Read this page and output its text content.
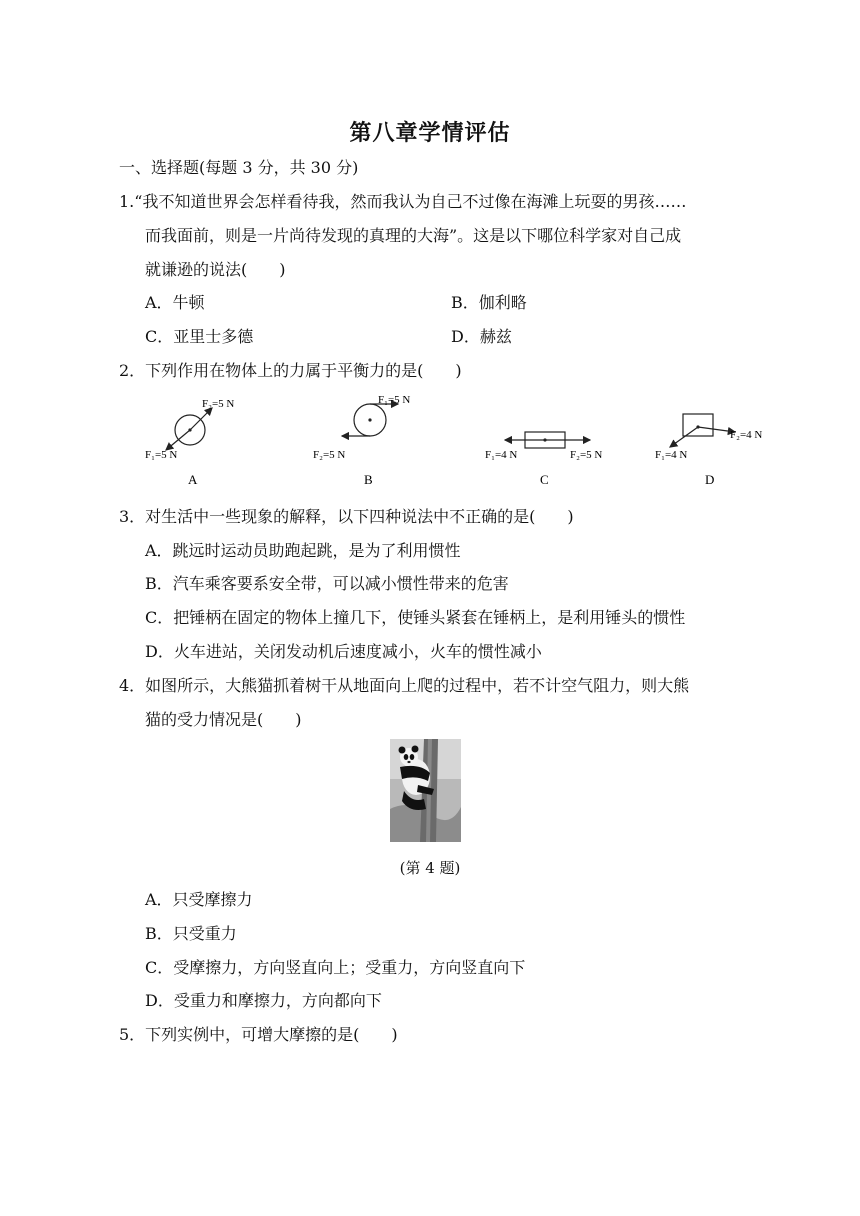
第八章学情评估
一、选择题(每题 3 分，共 30 分)
1.“我不知道世界会怎样看待我，然而我认为自己不过像在海滩上玩耍的男孩……
而我面前，则是一片尚待发现的真理的大海”。这是以下哪位科学家对自己成
就谦逊的说法(　　)
A．牛顿	B．伽利略
C．亚里士多德	D．赫兹
2．下列作用在物体上的力属于平衡力的是(　　)
F₂=5 N
F₁=5 N
A
F₁=5 N
F₂=5 N
B
F₁=4 N	F₂=5 N
C
F₂=4 N
F₁=4 N
D
3．对生活中一些现象的解释，以下四种说法中不正确的是(　　)
A．跳远时运动员助跑起跳，是为了利用惯性
B．汽车乘客要系安全带，可以减小惯性带来的危害
C．把锤柄在固定的物体上撞几下，使锤头紧套在锤柄上，是利用锤头的惯性
D．火车进站，关闭发动机后速度减小，火车的惯性减小
4．如图所示，大熊猫抓着树干从地面向上爬的过程中，若不计空气阻力，则大熊
猫的受力情况是(　　)
(第 4 题)
A．只受摩擦力
B．只受重力
C．受摩擦力，方向竖直向上；受重力，方向竖直向下
D．受重力和摩擦力，方向都向下
5．下列实例中，可增大摩擦的是(　　)
